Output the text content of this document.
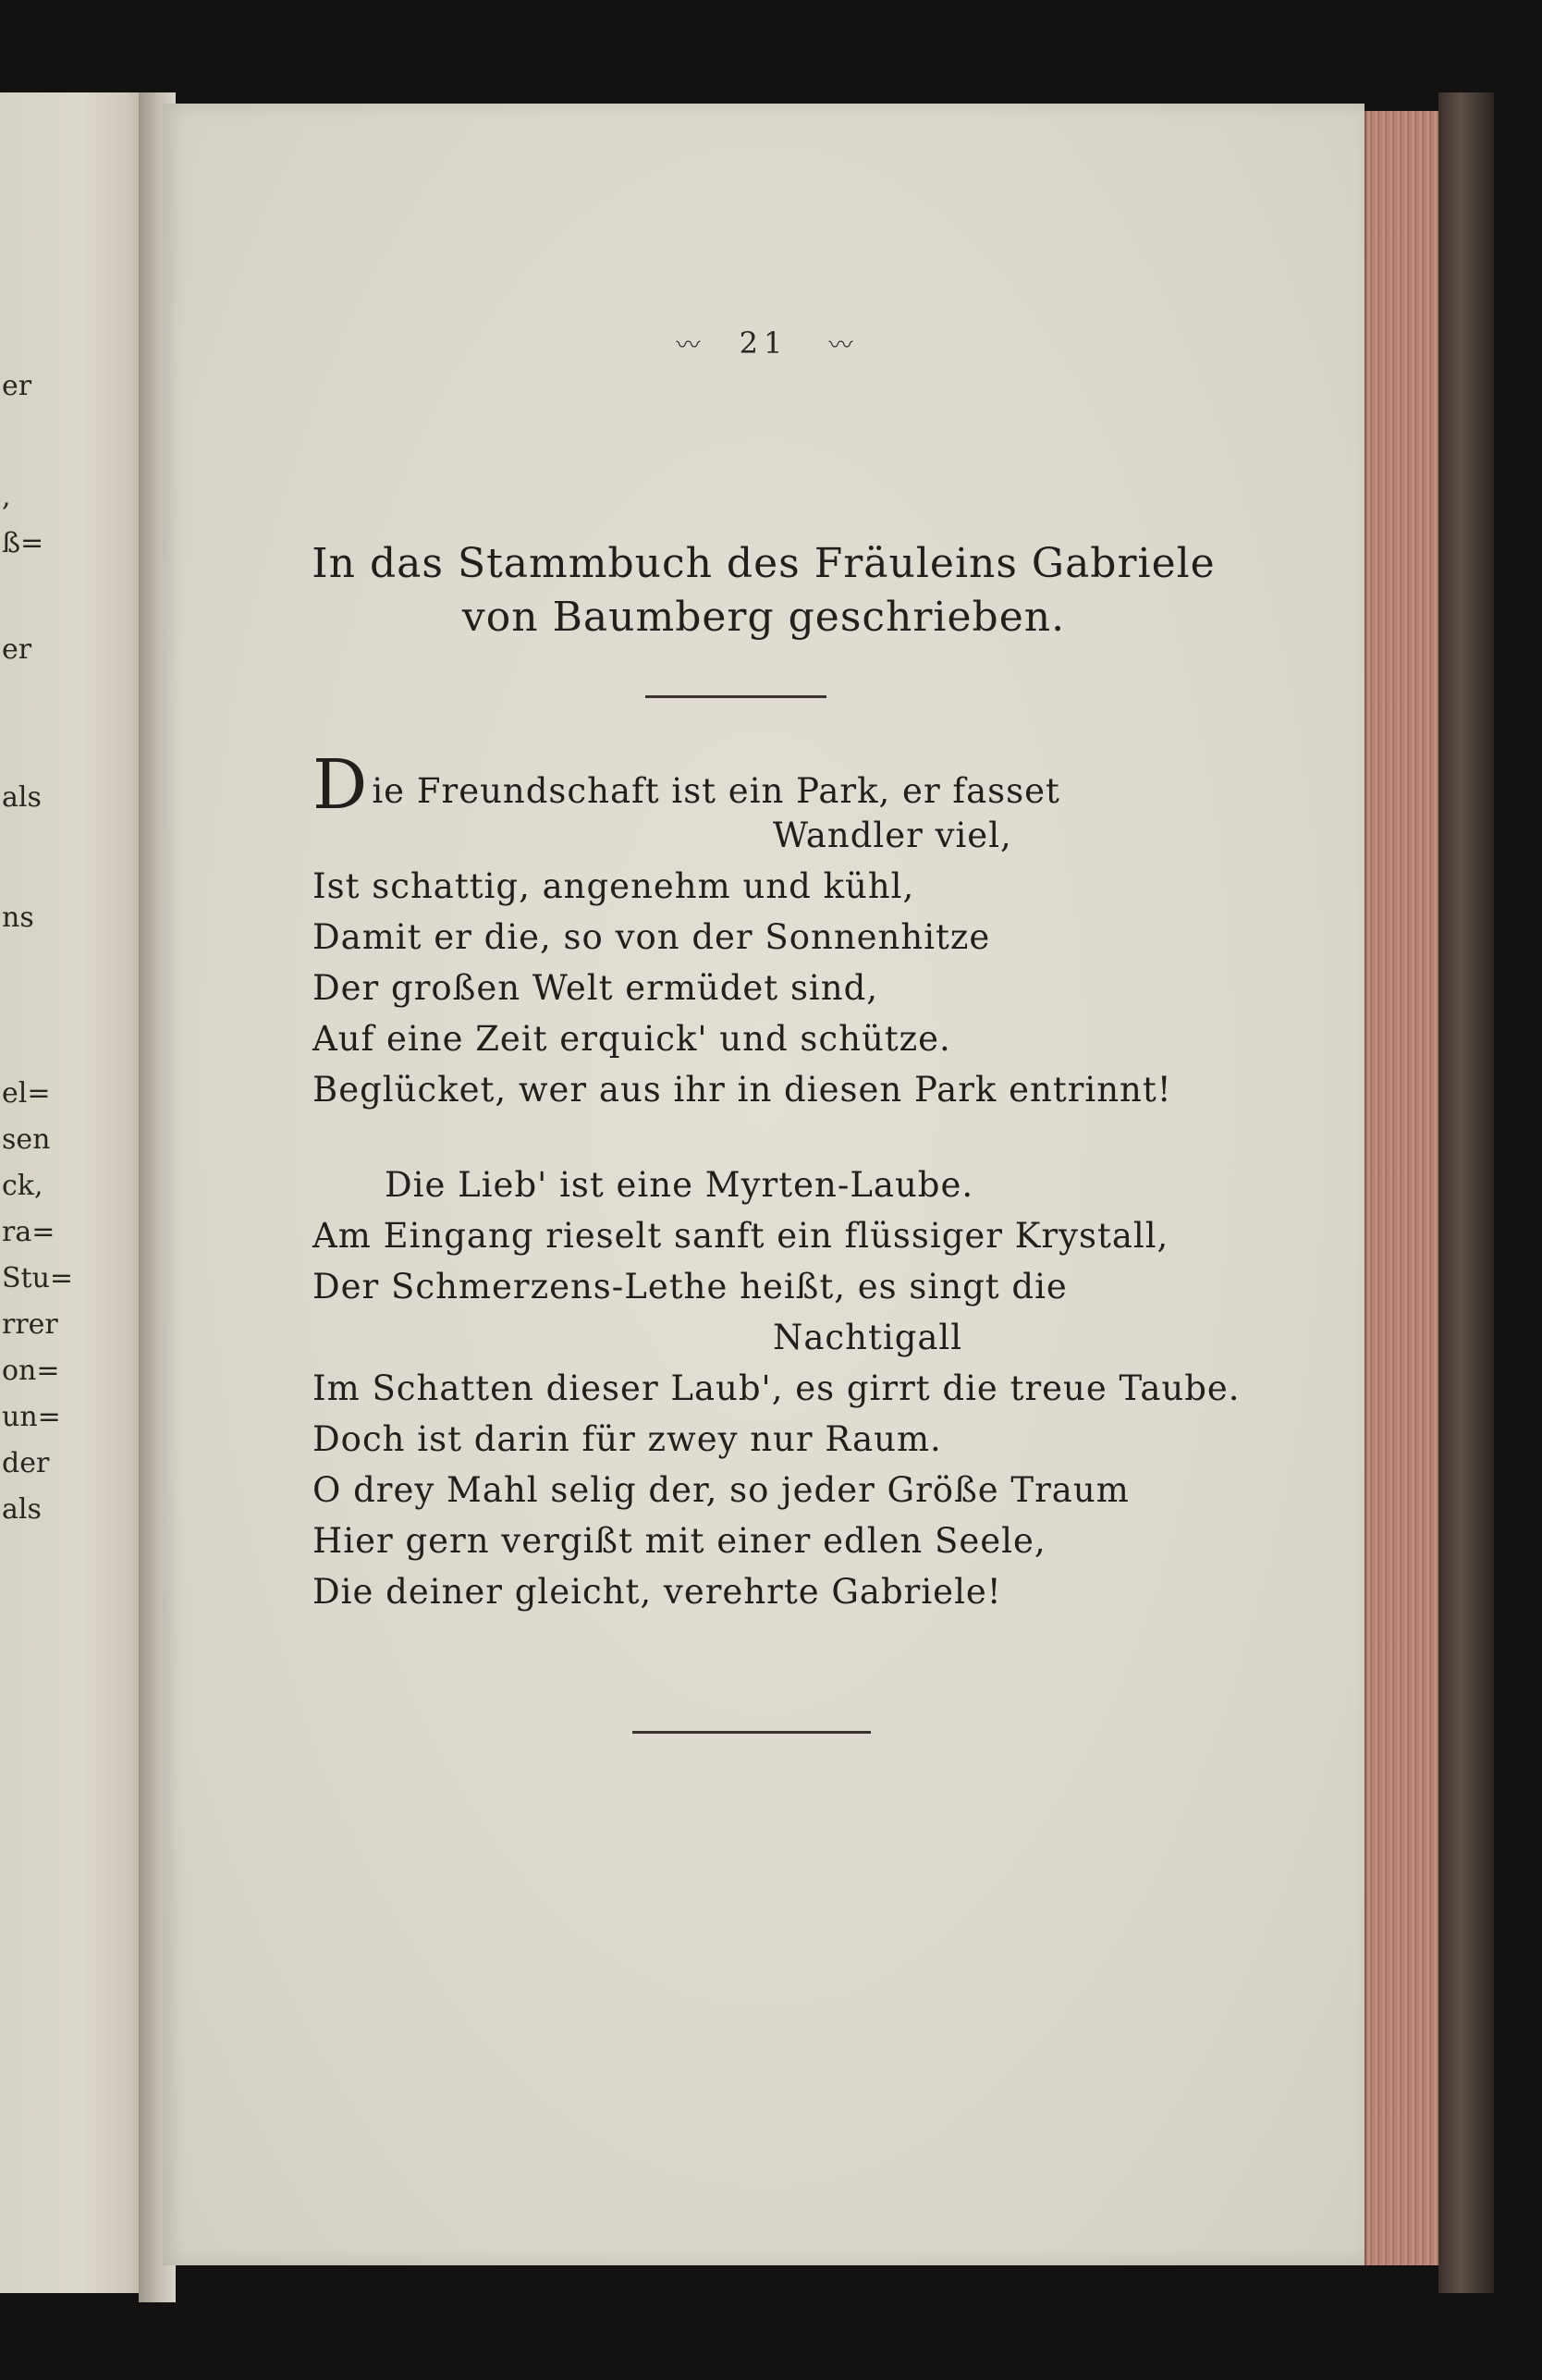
er
,
ß=
er
als
ns
el=
sen
ck,
ra=
Stu=
rrer
on=
un=
der
als
〰 21 〰
In das Stammbuch des Fräuleins Gabriele
von Baumberg geschrieben.
Die Freundschaft ist ein Park, er fasset
Wandler viel,
Ist schattig, angenehm und kühl,
Damit er die, so von der Sonnenhitze
Der großen Welt ermüdet sind,
Auf eine Zeit erquick' und schütze.
Beglücket, wer aus ihr in diesen Park entrinnt!
Die Lieb' ist eine Myrten-Laube.
Am Eingang rieselt sanft ein flüssiger Krystall,
Der Schmerzens-Lethe heißt, es singt die
Nachtigall
Im Schatten dieser Laub', es girrt die treue Taube.
Doch ist darin für zwey nur Raum.
O drey Mahl selig der, so jeder Größe Traum
Hier gern vergißt mit einer edlen Seele,
Die deiner gleicht, verehrte Gabriele!
